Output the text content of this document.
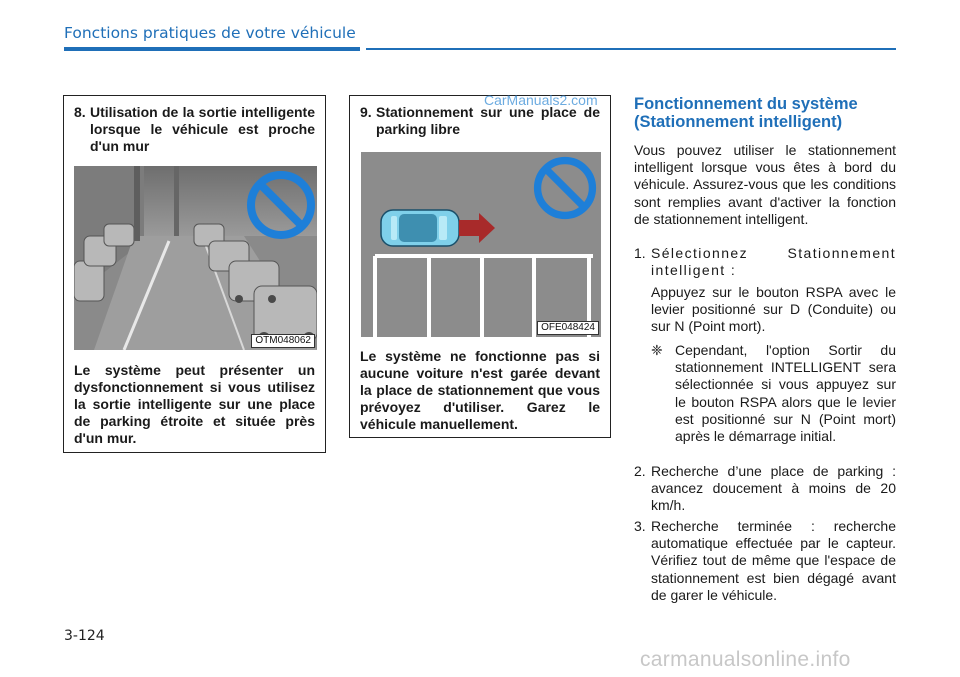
Fonctions pratiques de votre véhicule
8. Utilisation de la sortie intelligente lorsque le véhicule est proche d'un mur
OTM048062
Le système peut présenter un dysfonctionnement si vous utilisez la sortie intelligente sur une place de parking étroite et située près d'un mur.
9. Stationnement sur une place de parking libre
OFE048424
Le système ne fonctionne pas si aucune voiture n'est garée devant la place de stationnement que vous prévoyez d'utiliser. Garez le véhicule manuellement.
Fonctionnement du système (Stationnement intelligent)
Vous pouvez utiliser le stationnement intelligent lorsque vous êtes à bord du véhicule. Assurez-vous que les conditions sont remplies avant d'activer la fonction de stationnement intelligent.
1. Sélectionnez Stationnement intelligent :
Appuyez sur le bouton RSPA avec le levier positionné sur D (Conduite) ou sur N (Point mort).
❈ Cependant, l'option Sortir du stationnement INTELLIGENT sera sélectionnée si vous appuyez sur le bouton RSPA alors que le levier est positionné sur N (Point mort) après le démarrage initial.
2. Recherche d’une place de parking : avancez doucement à moins de 20 km/h.
3. Recherche terminée : recherche automatique effectuée par le capteur. Vérifiez tout de même que l'espace de stationnement est bien dégagé avant de garer le véhicule.
3-124
CarManuals2.com
carmanualsonline.info
